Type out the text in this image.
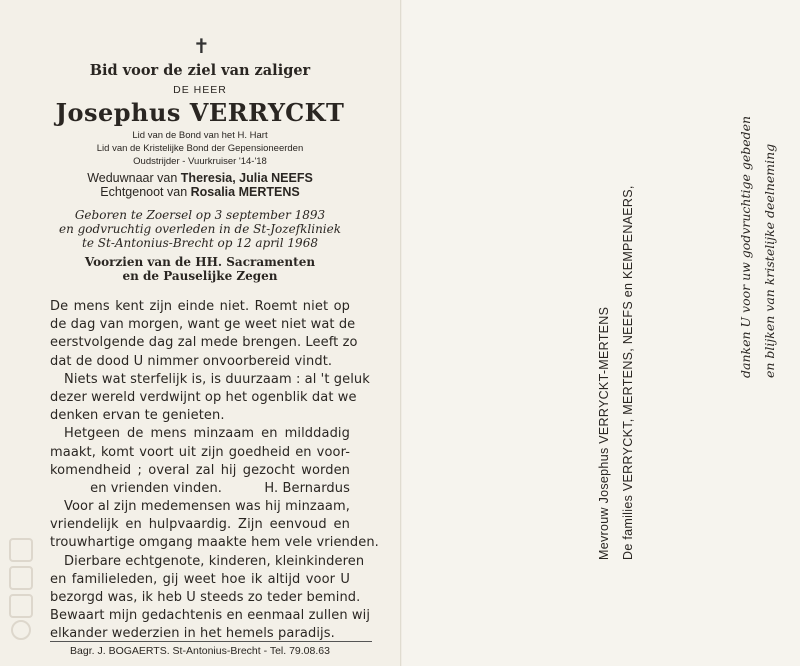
✝
Bid voor de ziel van zaliger
DE HEER
Josephus VERRYCKT
Lid van de Bond van het H. Hart
Lid van de Kristelijke Bond der Gepensioneerden
Oudstrijder - Vuurkruiser '14-'18
Weduwnaar van Theresia, Julia NEEFS
Echtgenoot van Rosalia MERTENS
Geboren te Zoersel op 3 september 1893
en godvruchtig overleden in de St-Jozefkliniek
te St-Antonius-Brecht op 12 april 1968
Voorzien van de HH. Sacramenten
en de Pauselijke Zegen
De mens kent zijn einde niet. Roemt niet op
de dag van morgen, want ge weet niet wat de
eerstvolgende dag zal mede brengen. Leeft zo
dat de dood U nimmer onvoorbereid vindt.
Niets wat sterfelijk is, is duurzaam : al 't geluk
dezer wereld verdwijnt op het ogenblik dat we
denken ervan te genieten.
Hetgeen de mens minzaam en milddadig
maakt, komt voort uit zijn goedheid en voor-
komendheid ; overal zal hij gezocht worden
en vrienden vinden.          H. Bernardus
Voor al zijn medemensen was hij minzaam,
vriendelijk en hulpvaardig. Zijn eenvoud en
trouwhartige omgang maakte hem vele vrienden.
Dierbare echtgenote, kinderen, kleinkinderen
en familieleden, gij weet hoe ik altijd voor U
bezorgd was, ik heb U steeds zo teder bemind.
Bewaart mijn gedachtenis en eenmaal zullen wij
elkander wederzien in het hemels paradijs.
Bagr. J. BOGAERTS. St-Antonius-Brecht - Tel. 79.08.63
Mevrouw Josephus VERRYCKT-MERTENS De families VERRYCKT, MERTENS, NEEFS en KEMPENAERS,	danken U voor uw godvruchtige gebeden en blijken van kristelijke deelneming
